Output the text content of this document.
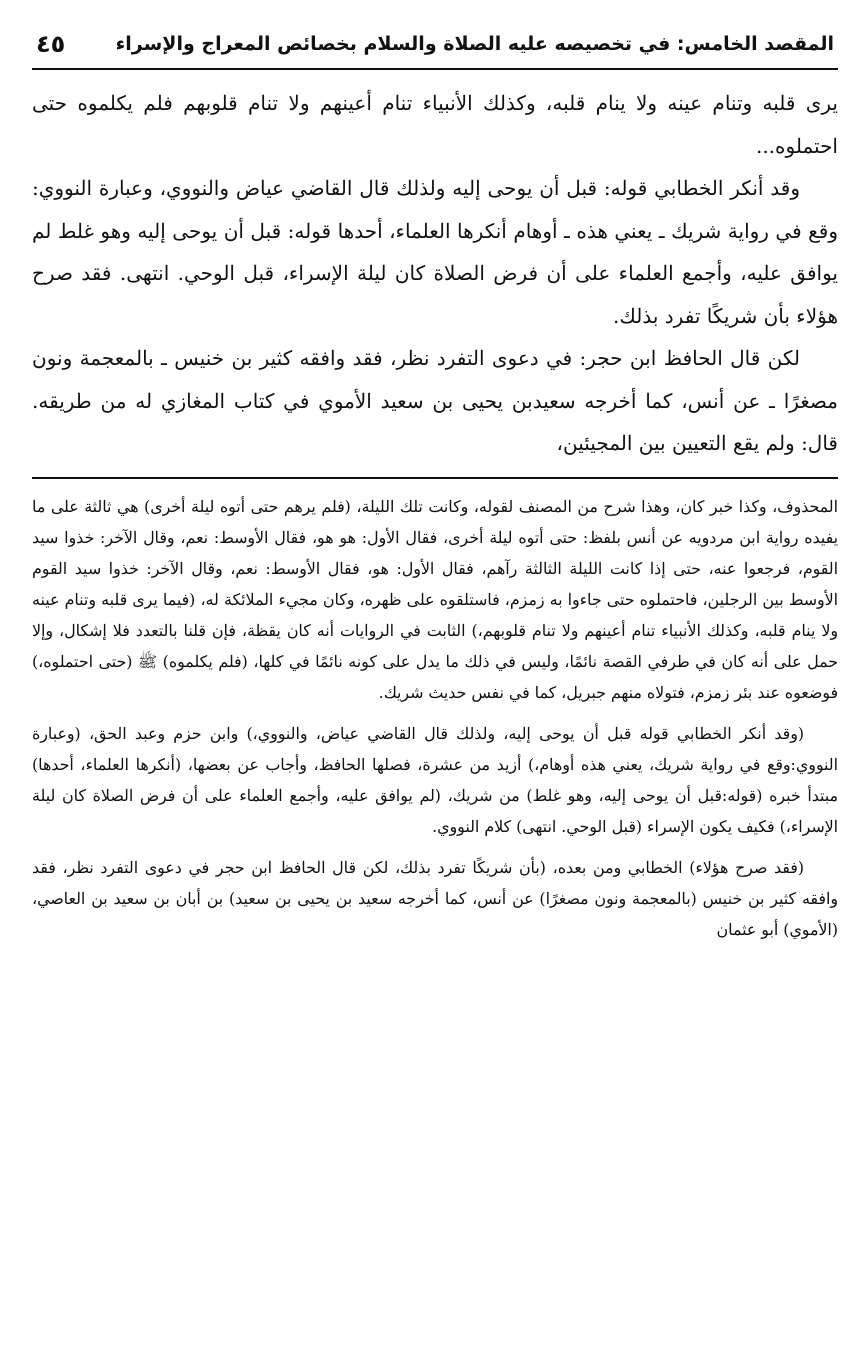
المقصد الخامس: في تخصيصه عليه الصلاة والسلام بخصائص المعراج والإسراء
٤٥

يرى قلبه وتنام عينه ولا ينام قلبه، وكذلك الأنبياء تنام أعينهم ولا تنام قلوبهم فلم يكلموه حتى احتملوه...

وقد أنكر الخطابي قوله: قبل أن يوحى إليه ولذلك قال القاضي عياض والنووي، وعبارة النووي: وقع في رواية شريك ـ يعني هذه ـ أوهام أنكرها العلماء، أحدها قوله: قبل أن يوحى إليه وهو غلط لم يوافق عليه، وأجمع العلماء على أن فرض الصلاة كان ليلة الإسراء، قبل الوحي. انتهى. فقد صرح هؤلاء بأن شريكًا تفرد بذلك.

لكن قال الحافظ ابن حجر: في دعوى التفرد نظر، فقد وافقه كثير بن خنيس ـ بالمعجمة ونون مصغرًا ـ عن أنس، كما أخرجه سعيدبن يحيى بن سعيد الأموي في كتاب المغازي له من طريقه. قال: ولم يقع التعيين بين المجيئين،

المحذوف، وكذا خبر كان، وهذا شرح من المصنف لقوله، وكانت تلك الليلة، (فلم يرهم حتى أتوه ليلة أخرى) هي ثالثة على ما يفيده رواية ابن مردويه عن أنس بلفظ: حتى أتوه ليلة أخرى، فقال الأول: هو هو، فقال الأوسط: نعم، وقال الآخر: خذوا سيد القوم، فرجعوا عنه، حتى إذا كانت الليلة الثالثة رآهم، فقال الأول: هو، فقال الأوسط: نعم، وقال الآخر: خذوا سيد القوم الأوسط بين الرجلين، فاحتملوه حتى جاءوا به زمزم، فاستلقوه على ظهره، وكان مجيء الملائكة له، (فيما يرى قلبه وتنام عينه ولا ينام قلبه، وكذلك الأنبياء تنام أعينهم ولا تنام قلوبهم،) الثابت في الروايات أنه كان يقظة، فإن قلنا بالتعدد فلا إشكال، وإلا حمل على أنه كان في طرفي القصة نائمًا، وليس في ذلك ما يدل على كونه نائمًا في كلها، (فلم يكلموه) ﷺ (حتى احتملوه،) فوضعوه عند بئر زمزم، فتولاه منهم جبريل، كما في نفس حديث شريك.

(وقد أنكر الخطابي قوله قبل أن يوحى إليه، ولذلك قال القاضي عياض، والنووي،) وابن حزم وعبد الحق، (وعبارة النووي:وقع في رواية شريك، يعني هذه أوهام،) أزيد من عشرة، فصلها الحافظ، وأجاب عن بعضها، (أنكرها العلماء، أحدها) مبتدأ خبره (قوله:قبل أن يوحى إليه، وهو غلط) من شريك، (لم يوافق عليه، وأجمع العلماء على أن فرض الصلاة كان ليلة الإسراء،) فكيف يكون الإسراء (قبل الوحي. انتهى) كلام النووي.

(فقد صرح هؤلاء) الخطابي ومن بعده، (بأن شريكًا تفرد بذلك، لكن قال الحافظ ابن حجر في دعوى التفرد نظر، فقد وافقه كثير بن خنيس (بالمعجمة ونون مصغرًا) عن أنس، كما أخرجه سعيد بن يحيى بن سعيد) بن أبان بن سعيد بن العاصي، (الأموي) أبو عثمان
